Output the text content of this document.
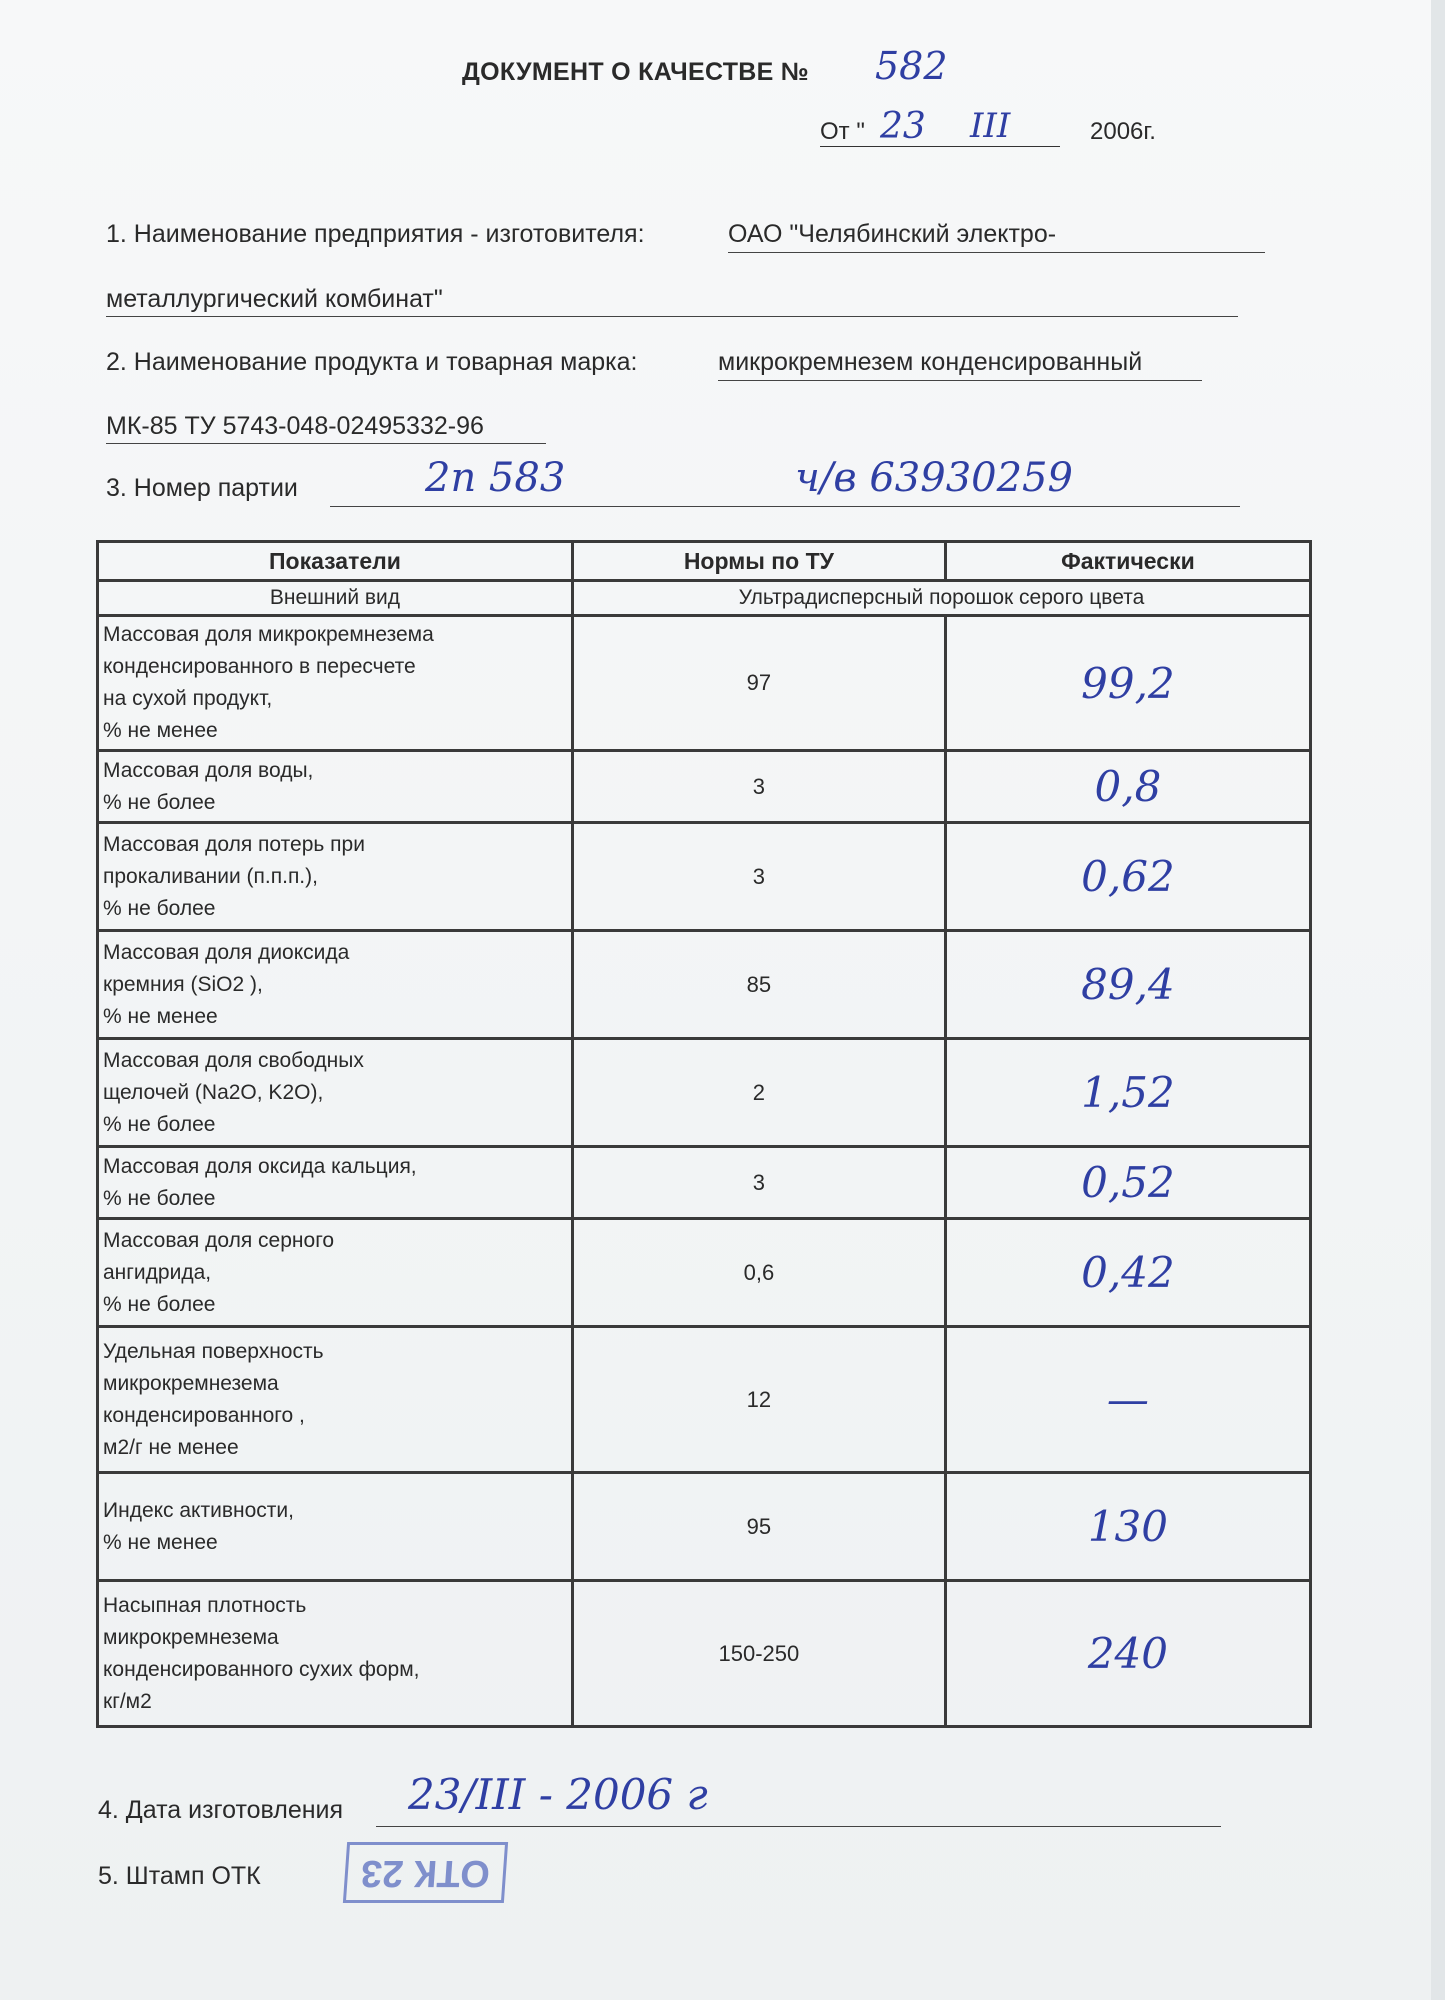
ДОКУМЕНТ О КАЧЕСТВЕ № 582
От "	2006г.
23 III
1. Наименование предприятия - изготовителя:	ОАО "Челябинский электро-
металлургический комбинат"
2. Наименование продукта и товарная марка:	микрокремнезем конденсированный
МК-85 ТУ 5743-048-02495332-96
3. Номер партии	2п 583	ч/в 63930259
Показатели	Нормы по ТУ	Фактически
Внешний вид	Ультрадисперсный порошок серого цвета	

Массовая доля микрокремнезема
конденсированного в пересчете
на сухой продукт,
% не менее	97	99,2

Массовая доля воды,
% не более	3	0,8

Массовая доля потерь при
прокаливании (п.п.п.),
% не более	3	0,62

Массовая доля диоксида
кремния (SiO2 ),
% не менее	85	89,4

Массовая доля свободных
щелочей (Na2O, K2O),
% не более	2	1,52

Массовая доля оксида кальция,
% не более	3	0,52

Массовая доля серного
ангидрида,
% не более	0,6	0,42

Удельная поверхность
микрокремнезема
конденсированного ,
м2/г не менее	12	—

Индекс активности,
% не менее	95	130

Насыпная плотность
микрокремнезема
конденсированного сухих форм,
кг/м2	150-250	240
4. Дата изготовления 23/III - 2006 г
5. Штамп ОТК	ОТК 23
